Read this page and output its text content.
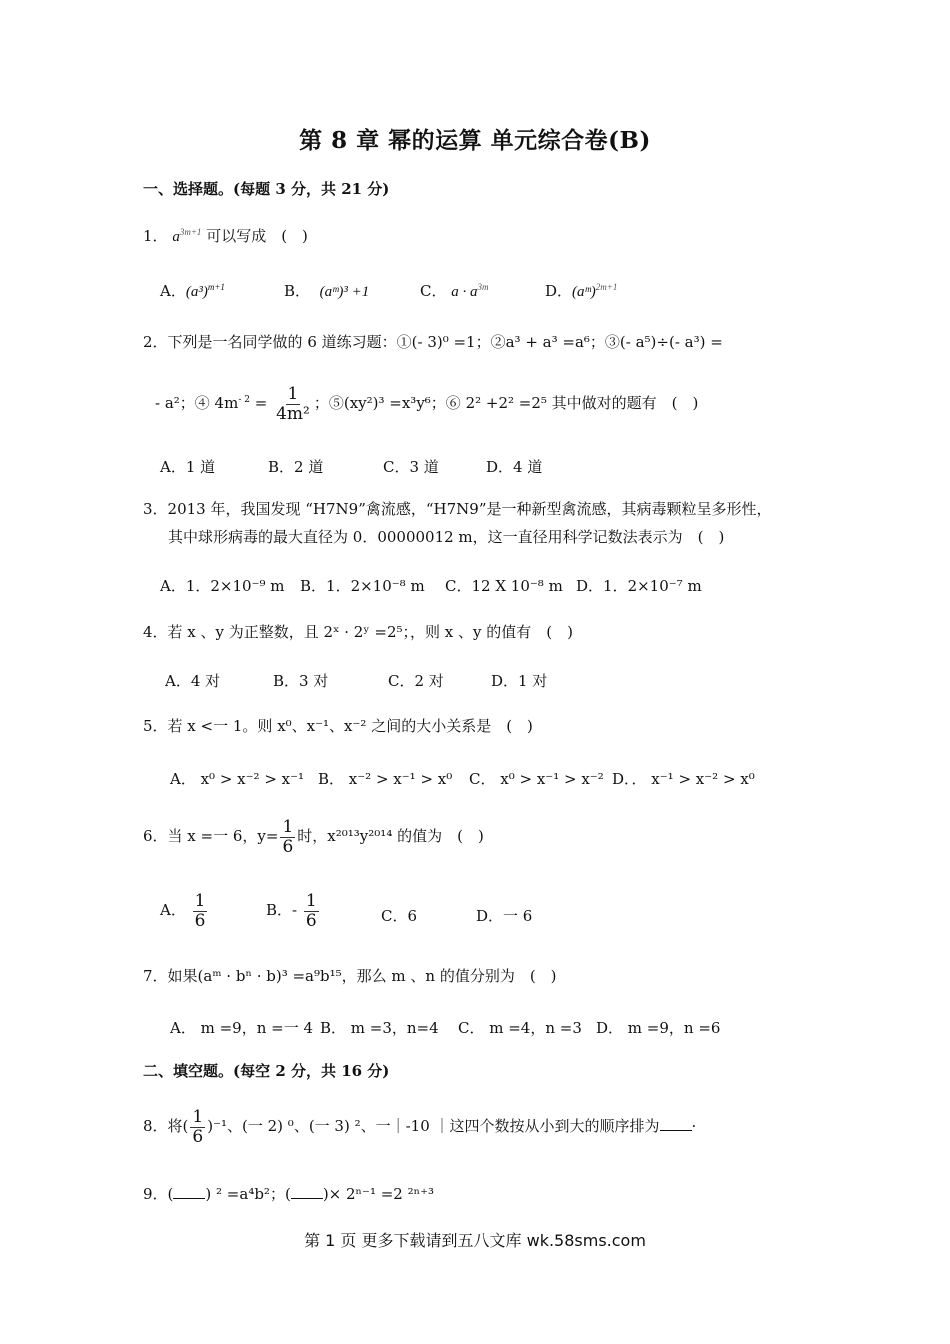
第 8 章 幂的运算 单元综合卷(B)
一、选择题。(每题 3 分，共 21 分)
1． $a^{3m+1}$ 可以写成　(　)
A．$(a^3)^{m+1}$	B． (aᵐ)³ +1	C． $a \cdot a^{3m}$	D．(aᵐ)$^{2m+1}$
2．下列是一名同学做的 6 道练习题：①(- 3)⁰ =1；②a³ + a³ =a⁶；③(- a⁵)÷(- a³) =
- a²；④ $4m^{- 2} = \frac{1}{\text{4m²}}$ ；⑤(xy²)³ =x³y⁶；⑥ 2² +2² =2⁵ 其中做对的题有　(　)
A．1 道	B．2 道	C．3 道	D．4 道
3．2013 年，我国发现 “H7N9”禽流感，“H7N9”是一种新型禽流感，其病毒颗粒呈多形性，
其中球形病毒的最大直径为 0．00000012 m，这一直径用科学记数法表示为　(　)
A．1．2×10⁻⁹ m B．1．2×10⁻⁸ m C．12 X 10⁻⁸ m D．1．2×10⁻⁷ m
4．若 x 、y 为正整数，且 2ˣ · 2ʸ =2⁵；，则 x 、y 的值有　(　)
A．4 对	B．3 对	C．2 对	D．1 对
5．若 x <一 1。则 x⁰、x⁻¹、x⁻² 之间的大小关系是　(　)
A． x⁰ > x⁻² > x⁻¹ B． x⁻² > x⁻¹ > x⁰ C． x⁰ > x⁻¹ > x⁻² D．． x⁻¹ > x⁻² > x⁰
6．当 x =一 6，$y= \frac{1}{6}$ 时，x²⁰¹³y²⁰¹⁴ 的值为　(　)
A． $\frac{1}{6}$	B．- $\frac{1}{6}$	C．6	D．一 6
7．如果(aᵐ · bⁿ · b)³ =a⁹b¹⁵，那么 m 、n 的值分别为　(　)
A． m =9，n =一 4 B． m =3，n=4 C． m =4，n =3 D． m =9，n =6
二、填空题。(每空 2 分，共 16 分)
8．将( $\frac{1}{6} )^{-1}$、(一 2) ⁰、(一 3) ²、一｜-10 ｜这四个数按从小到大的顺序排为 ·
9．( ) ² =a⁴b²；( )× 2ⁿ⁻¹ =2 ²ⁿ⁺³
第 1 页 更多下载请到五八文库 wk.58sms.com
